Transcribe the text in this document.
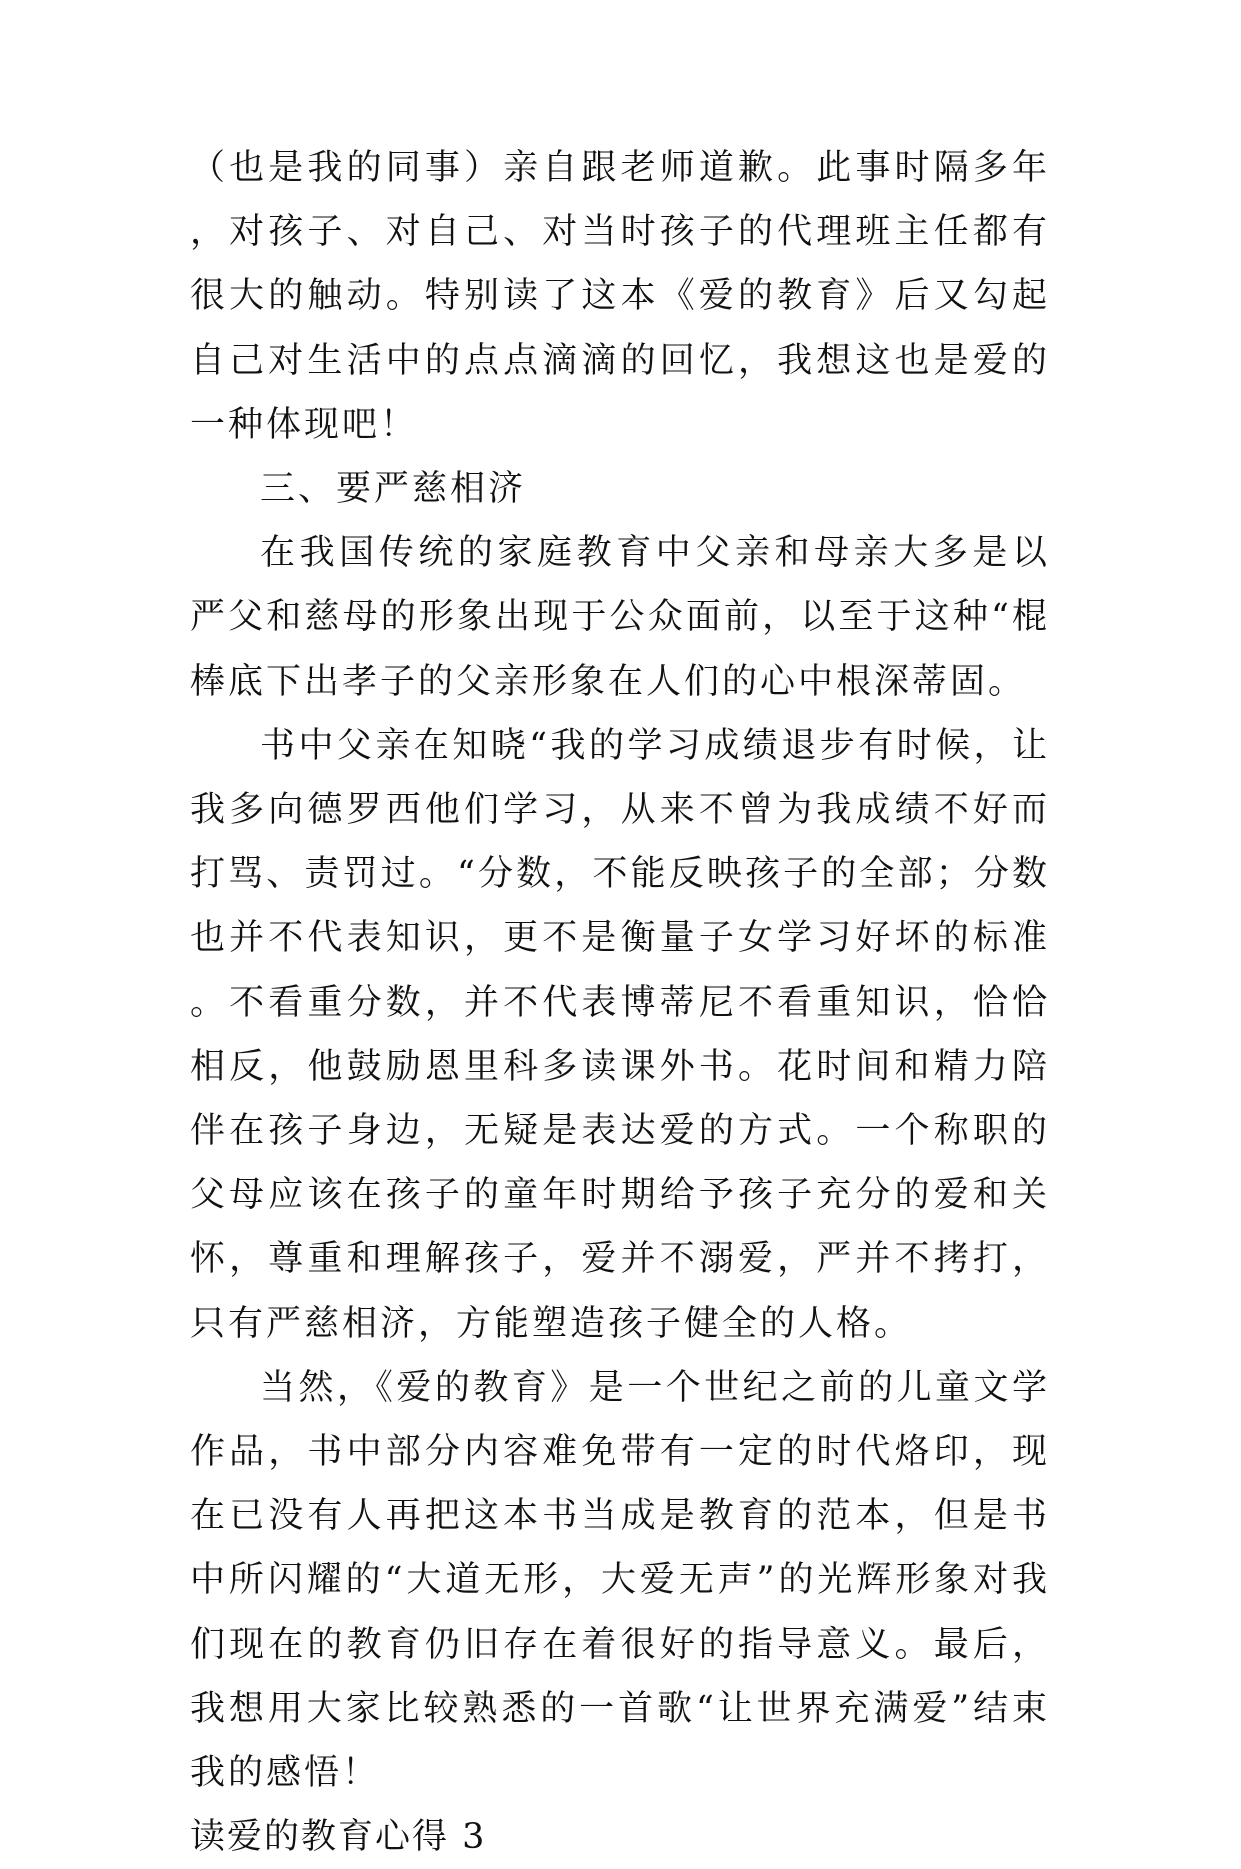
（也是我的同事）亲自跟老师道歉。此事时隔多年，对孩子、对自己、对当时孩子的代理班主任都有很大的触动。特别读了这本《爱的教育》后又勾起自己对生活中的点点滴滴的回忆，我想这也是爱的一种体现吧！

三、要严慈相济

在我国传统的家庭教育中父亲和母亲大多是以严父和慈母的形象出现于公众面前，以至于这种“棍棒底下出孝子的父亲形象在人们的心中根深蒂固。

书中父亲在知晓“我的学习成绩退步有时候，让我多向德罗西他们学习，从来不曾为我成绩不好而打骂、责罚过。“分数，不能反映孩子的全部；分数也并不代表知识，更不是衡量子女学习好坏的标准。不看重分数，并不代表博蒂尼不看重知识，恰恰相反，他鼓励恩里科多读课外书。花时间和精力陪伴在孩子身边，无疑是表达爱的方式。一个称职的父母应该在孩子的童年时期给予孩子充分的爱和关怀，尊重和理解孩子，爱并不溺爱，严并不拷打，只有严慈相济，方能塑造孩子健全的人格。

当然，《爱的教育》是一个世纪之前的儿童文学作品，书中部分内容难免带有一定的时代烙印，现在已没有人再把这本书当成是教育的范本，但是书中所闪耀的“大道无形，大爱无声”的光辉形象对我们现在的教育仍旧存在着很好的指导意义。最后，我想用大家比较熟悉的一首歌“让世界充满爱”结束我的感悟！

读爱的教育心得 3
